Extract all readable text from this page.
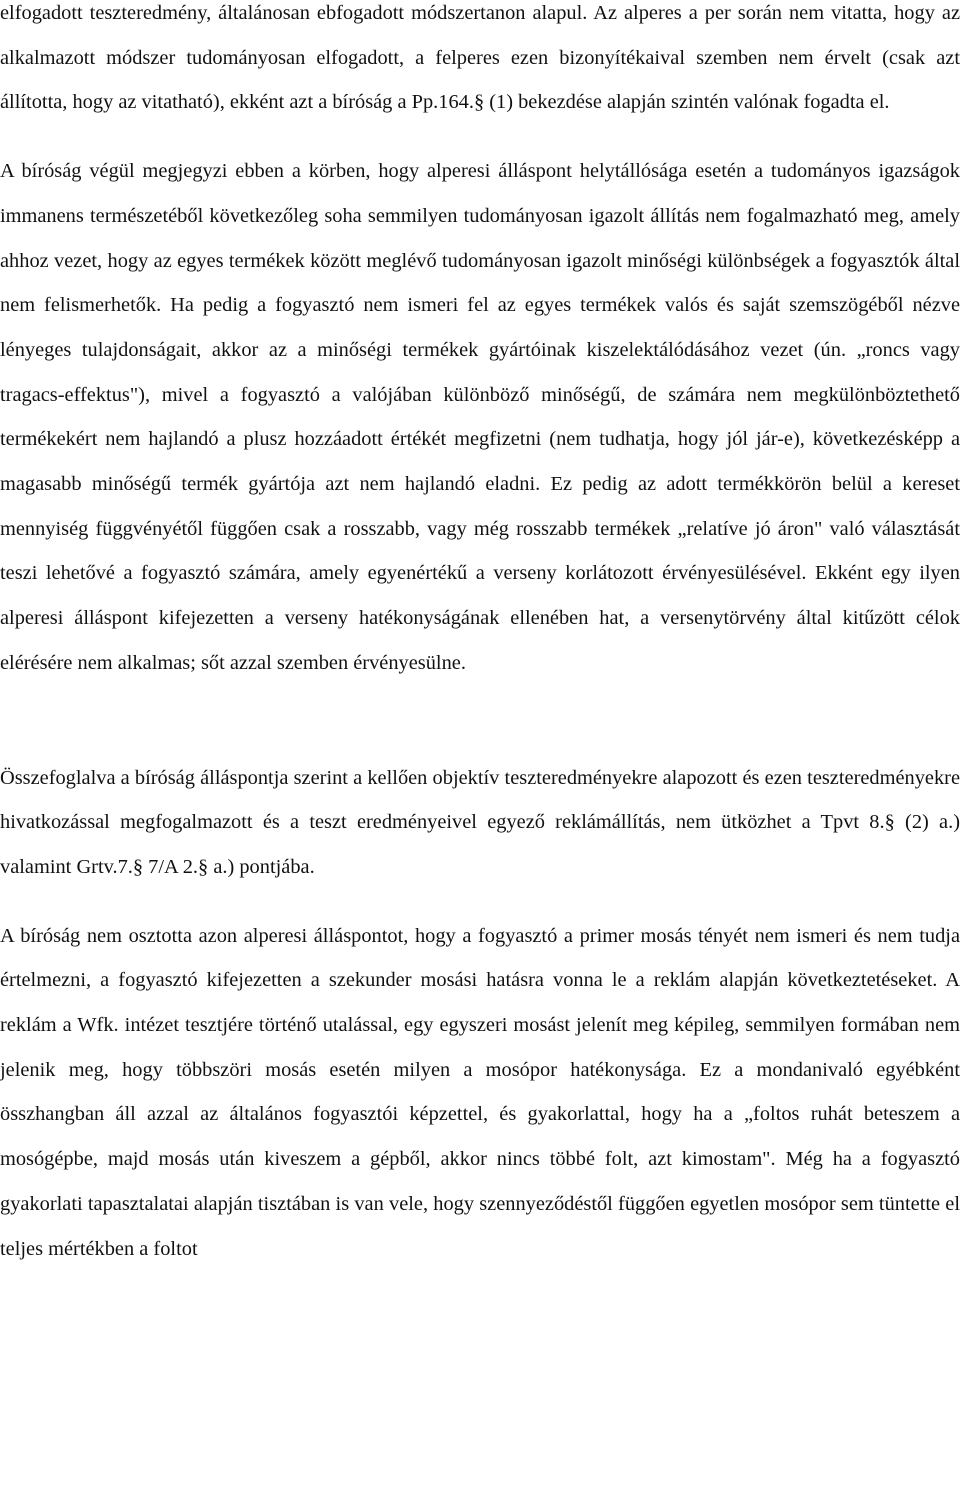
elfogadott teszteredmény, általánosan ebfogadott módszertanon alapul. Az alperes a per során nem vitatta, hogy az alkalmazott módszer tudományosan elfogadott, a felperes ezen bizonyítékaival szemben nem érvelt (csak azt állította, hogy az vitatható), ekként azt a bíróság a Pp.164.§ (1) bekezdése alapján szintén valónak fogadta el.

A bíróság végül megjegyzi ebben a körben, hogy alperesi álláspont helytállósága esetén a tudományos igazságok immanens természetéből következőleg soha semmilyen tudományosan igazolt állítás nem fogalmazható meg, amely ahhoz vezet, hogy az egyes termékek között meglévő tudományosan igazolt minőségi különbségek a fogyasztók által nem felismerhetők. Ha pedig a fogyasztó nem ismeri fel az egyes termékek valós és saját szemszögéből nézve lényeges tulajdonságait, akkor az a minőségi termékek gyártóinak kiszelektálódásához vezet (ún. „roncs vagy tragacs-effektus"), mivel a fogyasztó a valójában különböző minőségű, de számára nem megkülönböztethető termékekért nem hajlandó a plusz hozzáadott értékét megfizetni (nem tudhatja, hogy jól jár-e), következésképp a magasabb minőségű termék gyártója azt nem hajlandó eladni. Ez pedig az adott termékkörön belül a kereset mennyiség függvényétől függően csak a rosszabb, vagy még rosszabb termékek „relatíve jó áron" való választását teszi lehetővé a fogyasztó számára, amely egyenértékű a verseny korlátozott érvényesülésével. Ekként egy ilyen alperesi álláspont kifejezetten a verseny hatékonyságának ellenében hat, a versenytörvény által kitűzött célok elérésére nem alkalmas; sőt azzal szemben érvényesülne.

Összefoglalva a bíróság álláspontja szerint a kellően objektív teszteredményekre alapozott és ezen teszteredményekre hivatkozással megfogalmazott és a teszt eredményeivel egyező reklámállítás, nem ütközhet a Tpvt 8.§ (2) a.) valamint Grtv.7.§ 7/A 2.§ a.) pontjába.

A bíróság nem osztotta azon alperesi álláspontot, hogy a fogyasztó a primer mosás tényét nem ismeri és nem tudja értelmezni, a fogyasztó kifejezetten a szekunder mosási hatásra vonna le a reklám alapján következtetéseket. A reklám a Wfk. intézet tesztjére történő utalással, egy egyszeri mosást jelenít meg képileg, semmilyen formában nem jelenik meg, hogy többszöri mosás esetén milyen a mosópor hatékonysága. Ez a mondanivaló egyébként összhangban áll azzal az általános fogyasztói képzettel, és gyakorlattal, hogy ha a „foltos ruhát beteszem a mosógépbe, majd mosás után kiveszem a gépből, akkor nincs többé folt, azt kimostam". Még ha a fogyasztó gyakorlati tapasztalatai alapján tisztában is van vele, hogy szennyeződéstől függően egyetlen mosópor sem tüntette el teljes mértékben a foltot
